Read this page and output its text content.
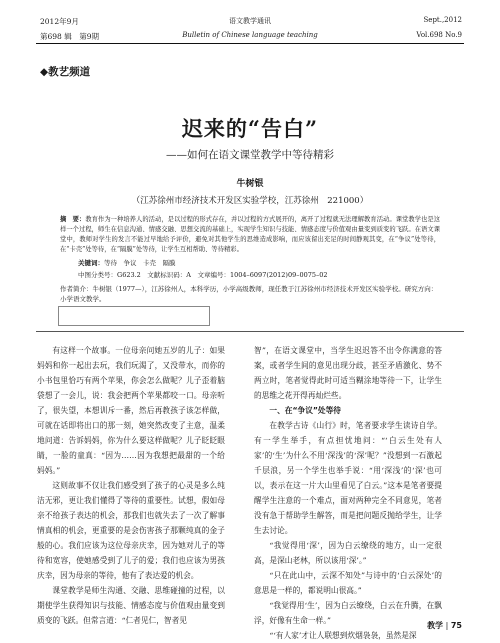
2012年9月
第698 辑　第9期
语文教学通讯
Bulletin of Chinese language teaching
Sept.,2012
Vol.698 No.9
◆教艺频道
迟来的“告白”
——如何在语文课堂教学中等待精彩
牛树银
（江苏徐州市经济技术开发区实验学校，江苏徐州　221000）
摘　要：教育作为一种培养人的活动，是以过程的形式存在，并以过程的方式展开的，离开了过程就无法理解教育活动。课堂教学也是这样一个过程，师生在信息沟通、情感交融、思想交流的基础上，实现学生知识与技能、情感态度与价值观由量变到质变的飞跃。在语文课堂中，教师对学生的发言不能过早地给予评价，避免对其他学生的思维造成影响，而应该留出充足的时间静观其变，在“争议”处等待，在“卡壳”处等待，在“隔膜”处等待，让学生互相帮助、等待精彩。
关键词：等待　争议　卡壳　隔膜
中图分类号：G623.2　文献标识码：A　文章编号：1004–6097(2012)09–0075–02
作者简介：牛树银（1977—），江苏徐州人，本科学历，小学高级教师，现任教于江苏徐州市经济技术开发区实验学校。研究方向：小学语文教学。

有这样一个故事。一位母亲问她五岁的儿子：如果妈妈和你一起出去玩，我们玩渴了，又没带水，而你的小书包里恰巧有两个苹果，你会怎么做呢？儿子歪着脑袋想了一会儿，说：我会把两个苹果都咬一口。母亲听了，很失望，本想训斥一番，然后再教孩子该怎样做，可就在话即将出口的那一刻，她突然改变了主意，温柔地问道：告诉妈妈，你为什么要这样做呢？儿子眨眨眼睛，一脸的童真：“因为……因为我想把最甜的一个给妈妈。”

这则故事不仅让我们感受到了孩子的心灵是多么纯洁无邪，更让我们懂得了等待的重要性。试想，假如母亲不给孩子表达的机会，那我们也就失去了一次了解事情真相的机会，更重要的是会伤害孩子那颗纯真的金子般的心。我们应该为这位母亲庆幸，因为她对儿子的等待和宽容，使她感受到了儿子的爱；我们也应该为男孩庆幸，因为母亲的等待，他有了表达爱的机会。

课堂教学是师生沟通、交融、思维碰撞的过程，以期使学生获得知识与技能、情感态度与价值观由量变到质变的飞跃。但常言道：“仁者见仁，智者见

智”，在语文课堂中，当学生迟迟答不出令你满意的答案，或者学生间的意见出现分歧，甚至矛盾激化、势不两立时，笔者觉得此时可适当糊涂地等待一下，让学生的思维之花开得再灿烂些。

一、在“争议”处等待

在教学古诗《山行》时，笔者要求学生读诗自学。有一学生举手，有点担忧地问：“‘白云生处有人家’的‘生’为什么不用‘深浅’的‘深’呢？”没想到一石激起千层浪，另一个学生也举手说：“用‘深浅’的‘深’也可以，表示在这一片大山里看见了白云。”这本是笔者要提醒学生注意的一个难点，面对两种完全不同意见，笔者没有急于帮助学生解答，而是把问题反抛给学生，让学生去讨论。

“我觉得用‘深’，因为白云缭绕的地方，山一定很高，是深山老林，所以该用‘深’。”

“只在此山中，云深不知处”与诗中的‘白云深处’的意思是一样的，都说明山很高。”

“我觉得用‘生’，因为白云缭绕，白云在升腾，在飘浮，好像有生命一样。”

“‘有人家’才让人联想到炊烟袅袅，虽然是深

教学 | 75
